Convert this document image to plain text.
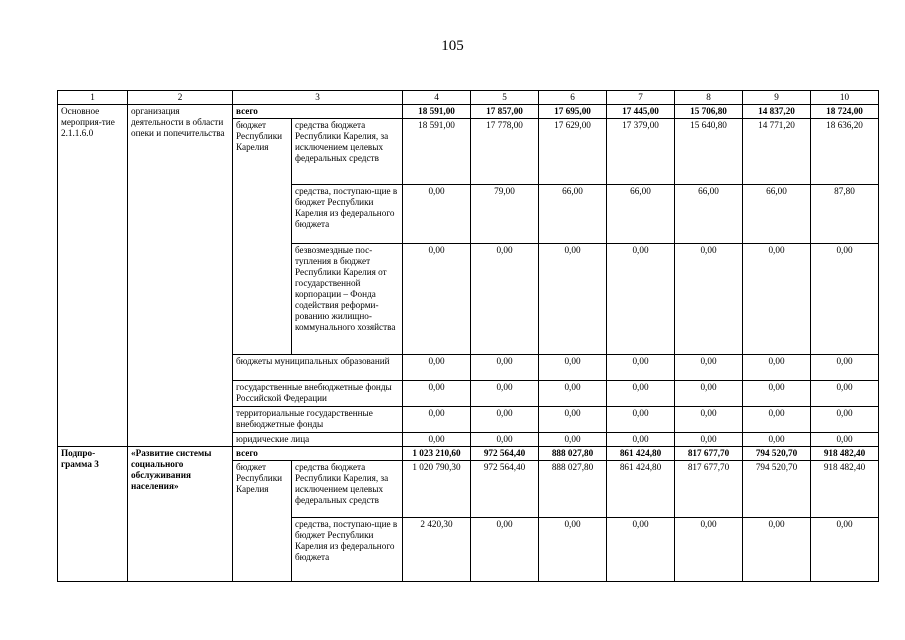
105
1	2	3		4	5	6	7	8	9	10
Основное мероприя-тие 2.1.1.6.0	организация деятельности в области опеки и попечительства	всего		18 591,00	17 857,00	17 695,00	17 445,00	15 706,80	14 837,20	18 724,00
		бюджет Республики Карелия	средства бюджета Республики Карелия, за исключением целевых федеральных средств	18 591,00	17 778,00	17 629,00	17 379,00	15 640,80	14 771,20	18 636,20
			средства, поступаю-щие в бюджет Республики Карелия из федерального бюджета	0,00	79,00	66,00	66,00	66,00	66,00	87,80
			безвозмездные пос-тупления в бюджет Республики Карелия от государственной корпорации – Фонда содействия реформи-рованию жилищно-коммунального хозяйства	0,00	0,00	0,00	0,00	0,00	0,00	0,00
		бюджеты муниципальных образований		0,00	0,00	0,00	0,00	0,00	0,00	0,00
		государственные внебюджетные фонды Российской Федерации		0,00	0,00	0,00	0,00	0,00	0,00	0,00
		территориальные государственные внебюджетные фонды		0,00	0,00	0,00	0,00	0,00	0,00	0,00
		юридические лица		0,00	0,00	0,00	0,00	0,00	0,00	0,00
Подпро-грамма 3	«Развитие системы социального обслуживания населения»	всего		1 023 210,60	972 564,40	888 027,80	861 424,80	817 677,70	794 520,70	918 482,40
		бюджет Республики Карелия	средства бюджета Республики Карелия, за исключением целевых федеральных средств	1 020 790,30	972 564,40	888 027,80	861 424,80	817 677,70	794 520,70	918 482,40
			средства, поступаю-щие в бюджет Республики Карелия из федерального бюджета	2 420,30	0,00	0,00	0,00	0,00	0,00	0,00
